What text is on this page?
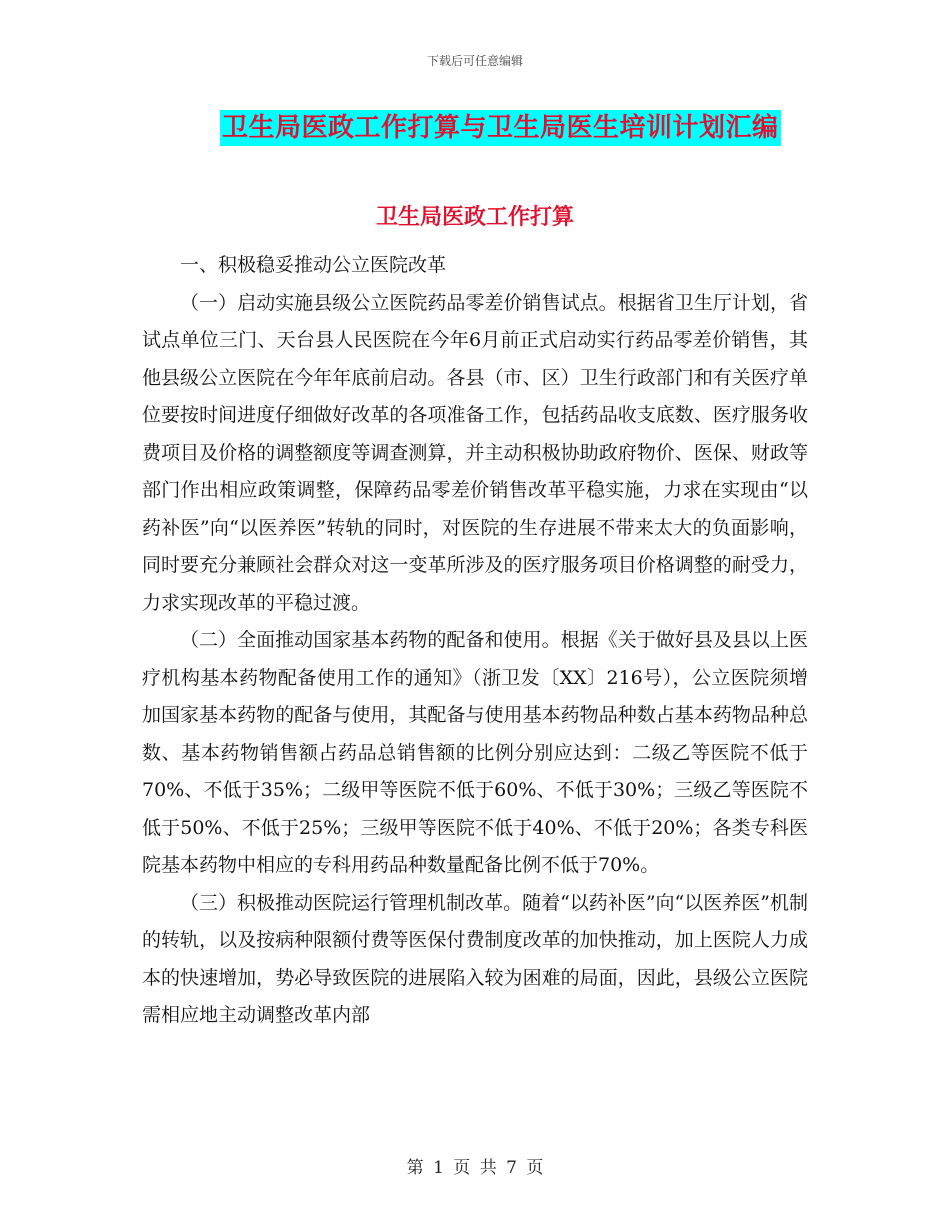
下载后可任意编辑
卫生局医政工作打算与卫生局医生培训计划汇编
卫生局医政工作打算

一、积极稳妥推动公立医院改革

（一）启动实施县级公立医院药品零差价销售试点。根据省卫生厅计划，省试点单位三门、天台县人民医院在今年6月前正式启动实行药品零差价销售，其他县级公立医院在今年年底前启动。各县（市、区）卫生行政部门和有关医疗单位要按时间进度仔细做好改革的各项准备工作，包括药品收支底数、医疗服务收费项目及价格的调整额度等调查测算，并主动积极协助政府物价、医保、财政等部门作出相应政策调整，保障药品零差价销售改革平稳实施，力求在实现由“以药补医”向“以医养医”转轨的同时，对医院的生存进展不带来太大的负面影响，同时要充分兼顾社会群众对这一变革所涉及的医疗服务项目价格调整的耐受力，力求实现改革的平稳过渡。

（二）全面推动国家基本药物的配备和使用。根据《关于做好县及县以上医疗机构基本药物配备使用工作的通知》（浙卫发〔XX〕216号），公立医院须增加国家基本药物的配备与使用，其配备与使用基本药物品种数占基本药物品种总数、基本药物销售额占药品总销售额的比例分别应达到：二级乙等医院不低于70%、不低于35%；二级甲等医院不低于60%、不低于30%；三级乙等医院不低于50%、不低于25%；三级甲等医院不低于40%、不低于20%；各类专科医院基本药物中相应的专科用药品种数量配备比例不低于70%。

（三）积极推动医院运行管理机制改革。随着“以药补医”向“以医养医”机制的转轨，以及按病种限额付费等医保付费制度改革的加快推动，加上医院人力成本的快速增加，势必导致医院的进展陷入较为困难的局面，因此，县级公立医院需相应地主动调整改革内部

第 1 页 共 7 页
